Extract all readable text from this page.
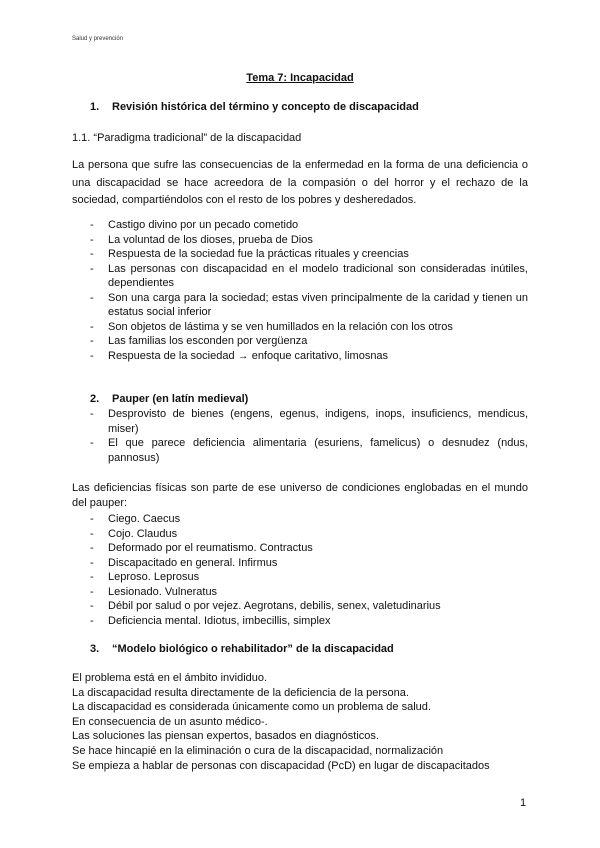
Salud y prevención
Tema 7: Incapacidad
1. Revisión histórica del término y concepto de discapacidad
1.1. “Paradigma tradicional” de la discapacidad
La persona que sufre las consecuencias de la enfermedad en la forma de una deficiencia o una discapacidad se hace acreedora de la compasión o del horror y el rechazo de la sociedad, compartiéndolos con el resto de los pobres y desheredados.
- Castigo divino por un pecado cometido
- La voluntad de los dioses, prueba de Dios
- Respuesta de la sociedad fue la prácticas rituales y creencias
- Las personas con discapacidad en el modelo tradicional son consideradas inútiles, dependientes
- Son una carga para la sociedad; estas viven principalmente de la caridad y tienen un estatus social inferior
- Son objetos de lástima y se ven humillados en la relación con los otros
- Las familias los esconden por vergüenza
- Respuesta de la sociedad → enfoque caritativo, limosnas
2. Pauper (en latín medieval)
- Desprovisto de bienes (engens, egenus, indigens, inops, insuficiencs, mendicus, miser)
- El que parece deficiencia alimentaria (esuriens, famelicus) o desnudez (ndus, pannosus)
Las deficiencias físicas son parte de ese universo de condiciones englobadas en el mundo del pauper:
- Ciego. Caecus
- Cojo. Claudus
- Deformado por el reumatismo. Contractus
- Discapacitado en general. Infirmus
- Leproso. Leprosus
- Lesionado. Vulneratus
- Débil por salud o por vejez. Aegrotans, debilis, senex, valetudinarius
- Deficiencia mental. Idiotus, imbecillis, simplex
3. “Modelo biológico o rehabilitador” de la discapacidad
El problema está en el ámbito invididuo.
La discapacidad resulta directamente de la deficiencia de la persona.
La discapacidad es considerada únicamente como un problema de salud.
En consecuencia de un asunto médico-.
Las soluciones las piensan expertos, basados en diagnósticos.
Se hace hincapié en la eliminación o cura de la discapacidad, normalización
Se empieza a hablar de personas con discapacidad (PcD) en lugar de discapacitados
1
